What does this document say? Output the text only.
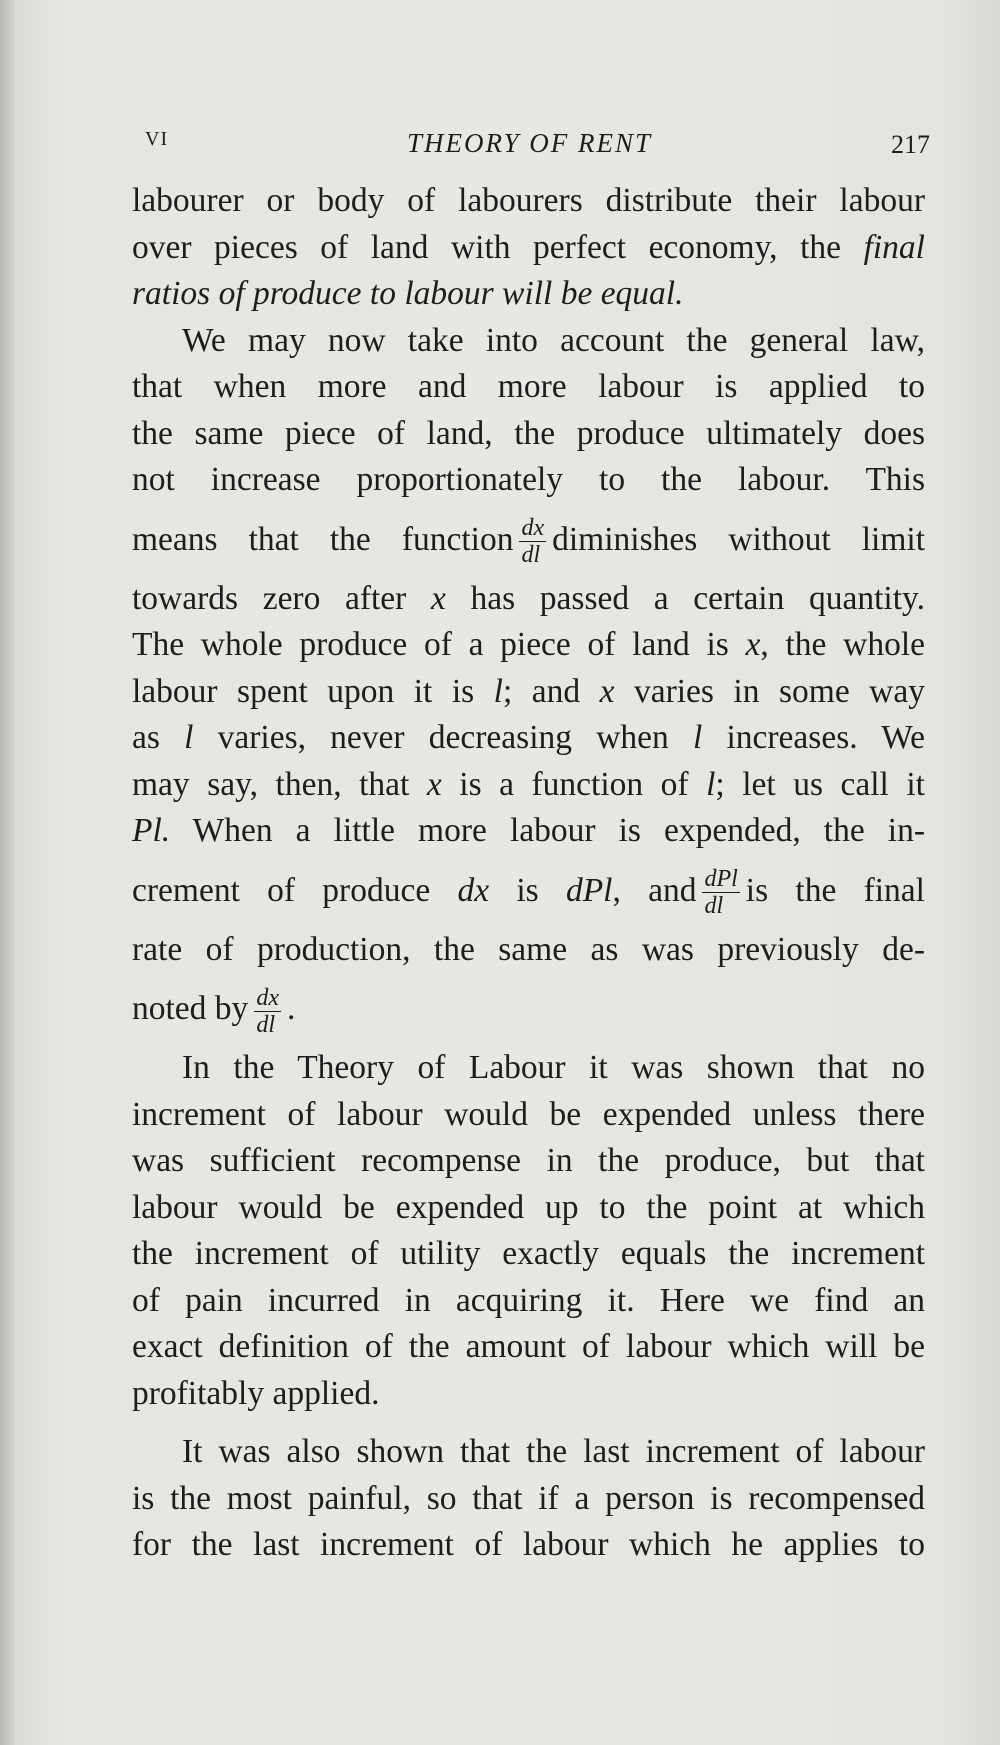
VI	THEORY OF RENT	217
labourer or body of labourers distribute their labour
over pieces of land with perfect economy, the final
ratios of produce to labour will be equal.
We may now take into account the general law,
that when more and more labour is applied to
the same piece of land, the produce ultimately does
not increase proportionately to the labour. This
means that the function $\frac{dx}{dl}$ diminishes without limit
towards zero after x has passed a certain quantity.
The whole produce of a piece of land is x, the whole
labour spent upon it is l; and x varies in some way
as l varies, never decreasing when l increases. We
may say, then, that x is a function of l; let us call it
Pl. When a little more labour is expended, the in-
crement of produce dx is dPl, and $\frac{\text{dPl}}{dl}$ is the final
rate of production, the same as was previously de-
noted by $\frac{dx}{dl}$ .
In the Theory of Labour it was shown that no
increment of labour would be expended unless there
was sufficient recompense in the produce, but that
labour would be expended up to the point at which
the increment of utility exactly equals the increment
of pain incurred in acquiring it. Here we find an
exact definition of the amount of labour which will be
profitably applied.
It was also shown that the last increment of labour
is the most painful, so that if a person is recompensed
for the last increment of labour which he applies to
